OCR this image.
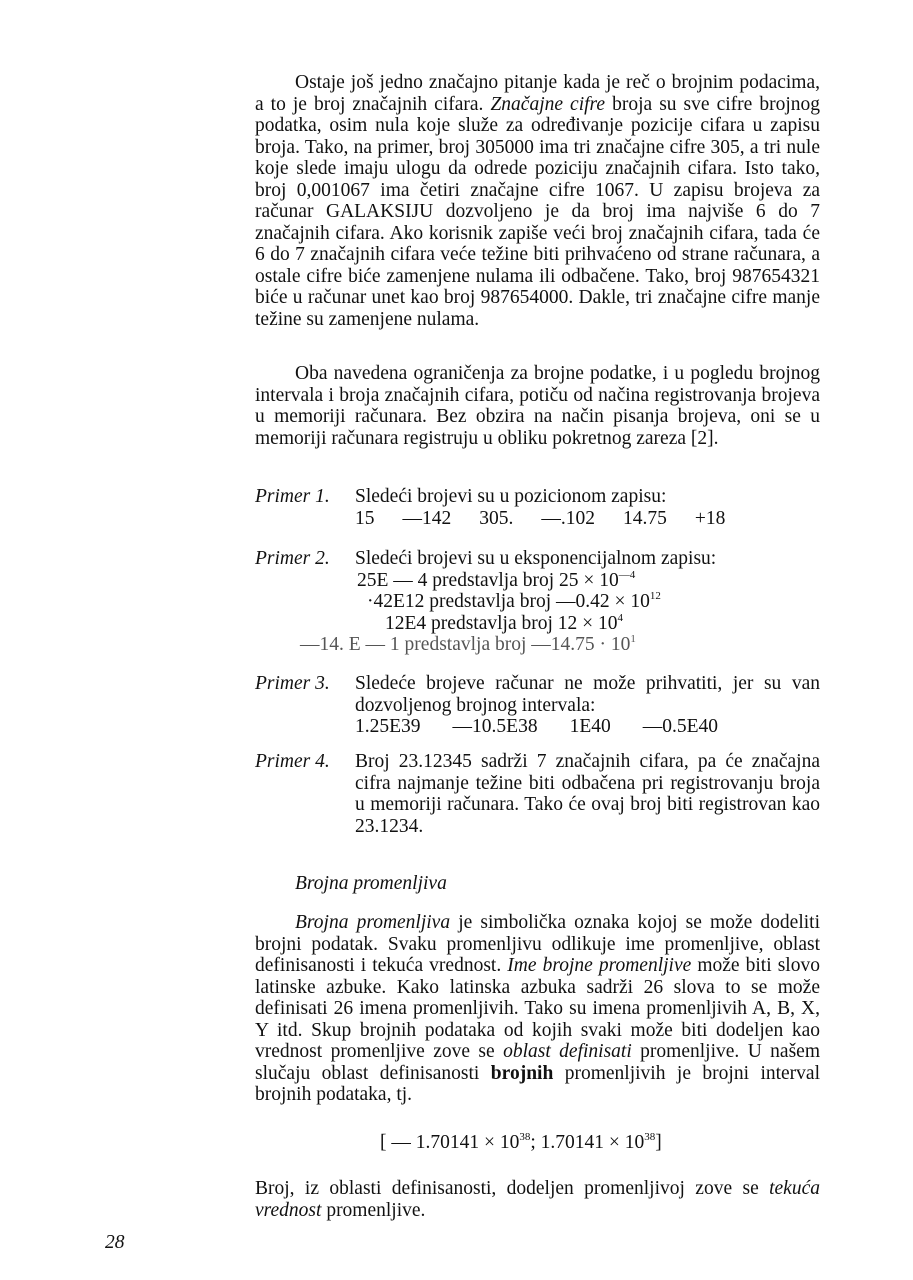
Ostaje još jedno značajno pitanje kada je reč o brojnim podacima, a to je broj značajnih cifara. Značajne cifre broja su sve cifre brojnog podatka, osim nula koje služe za određivanje pozicije cifara u zapisu broja. Tako, na primer, broj 305000 ima tri značajne cifre 305, a tri nule koje slede imaju ulogu da odrede poziciju značajnih cifara. Isto tako, broj 0,001067 ima četiri značajne cifre 1067. U zapisu brojeva za računar GALAKSIJU dozvoljeno je da broj ima najviše 6 do 7 značajnih cifara. Ako korisnik zapiše veći broj značajnih cifara, tada će 6 do 7 značajnih cifara veće težine biti prihvaćeno od strane računara, a ostale cifre biće zamenjene nulama ili odbačene. Tako, broj 987654321 biće u računar unet kao broj 987654000. Dakle, tri značajne cifre manje težine su zamenjene nulama.
Oba navedena ograničenja za brojne podatke, i u pogledu brojnog intervala i broja značajnih cifara, potiču od načina registrovanja brojeva u memoriji računara. Bez obzira na način pisanja brojeva, oni se u memoriji računara registruju u obliku pokretnog zareza [2].
Primer 1. Sledeći brojevi su u pozicionom zapisu:
15 —142 305. —.102 14.75 +18
Primer 2. Sledeći brojevi su u eksponencijalnom zapisu:
25E — 4 predstavlja broj $25 \times 10^{—4}$
·42E12 predstavlja broj —0.42 × $10^{12}$
12E4 predstavlja broj $12 \times 10^4$
—14. E — 1 predstavlja broj —14.75 · $10^1$
Primer 3. Sledeće brojeve računar ne može prihvatiti, jer su van dozvoljenog brojnog intervala:
1.25E39 —10.5E38 1E40 —0.5E40
Primer 4. Broj 23.12345 sadrži 7 značajnih cifara, pa će značajna cifra najmanje težine biti odbačena pri registrovanju broja u memoriji računara. Tako će ovaj broj biti registrovan kao 23.1234.
Brojna promenljiva
Brojna promenljiva je simbolička oznaka kojoj se može dodeliti brojni podatak. Svaku promenljivu odlikuje ime promenljive, oblast definisanosti i tekuća vrednost. Ime brojne promenljive može biti slovo latinske azbuke. Kako latinska azbuka sadrži 26 slova to se može definisati 26 imena promenljivih. Tako su imena promenljivih A, B, X, Y itd. Skup brojnih podataka od kojih svaki može biti dodeljen kao vrednost promenljive zove se oblast definisati promenljive. U našem slučaju oblast definisanosti brojnih promenljivih je brojni interval brojnih podataka, tj.
[ — $1.70141 \times 10^{38}$; $1.70141 \times 10^{38}$]
Broj, iz oblasti definisanosti, dodeljen promenljivoj zove se tekuća vrednost promenljive.
28
